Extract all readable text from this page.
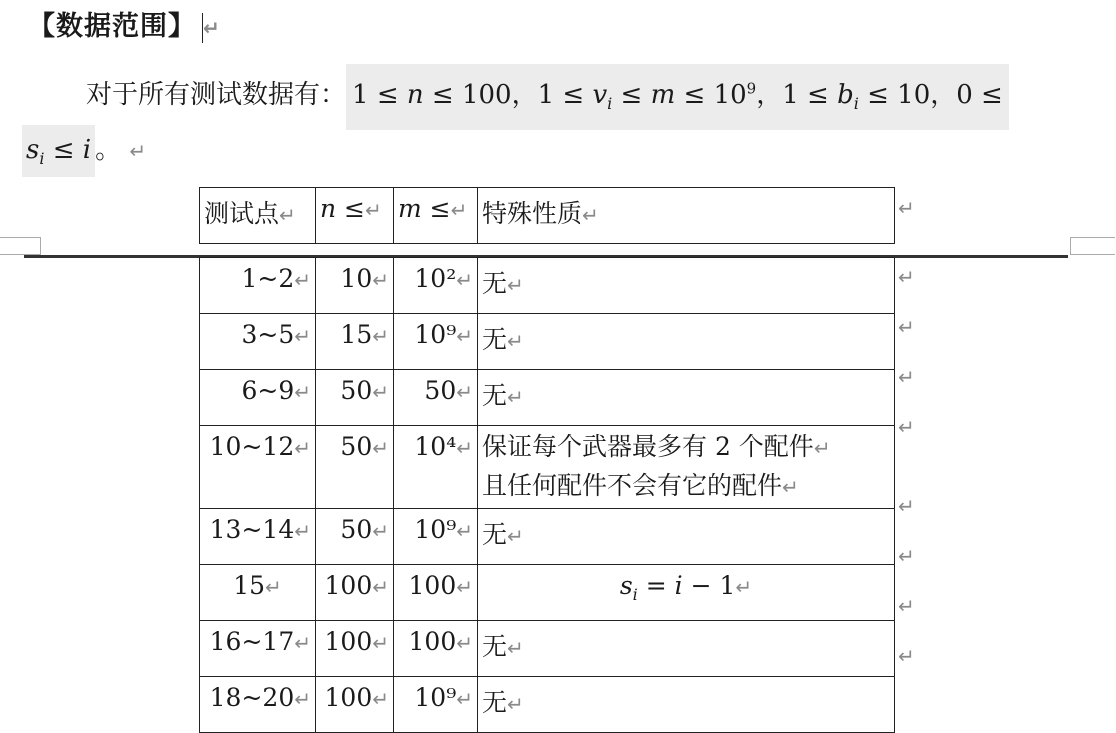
【数据范围】 ↵
对于所有测试数据有： 1 ≤ n ≤ 100，$1 \le v_i \le m \le 10^9$，$1 \le b_i \le 10$，0 ≤
$s_i \le i$ 。 ↵
测试点↵	n ≤↵	m ≤↵	特殊性质↵	↵
1~2↵	10↵	10²↵	无↵
3~5↵	15↵	10⁹↵	无↵
6~9↵	50↵	50↵	无↵
10~12↵	50↵	10⁴↵	保证每个武器最多有 2 个配件↵
且任何配件不会有它的配件↵
13~14↵	50↵	10⁹↵	无↵
15↵	100↵	100↵	$s_i = i$ − 1↵
16~17↵	100↵	100↵	无↵
18~20↵	100↵	10⁹↵	无↵
↵
↵
↵
↵
↵
↵
↵
↵
